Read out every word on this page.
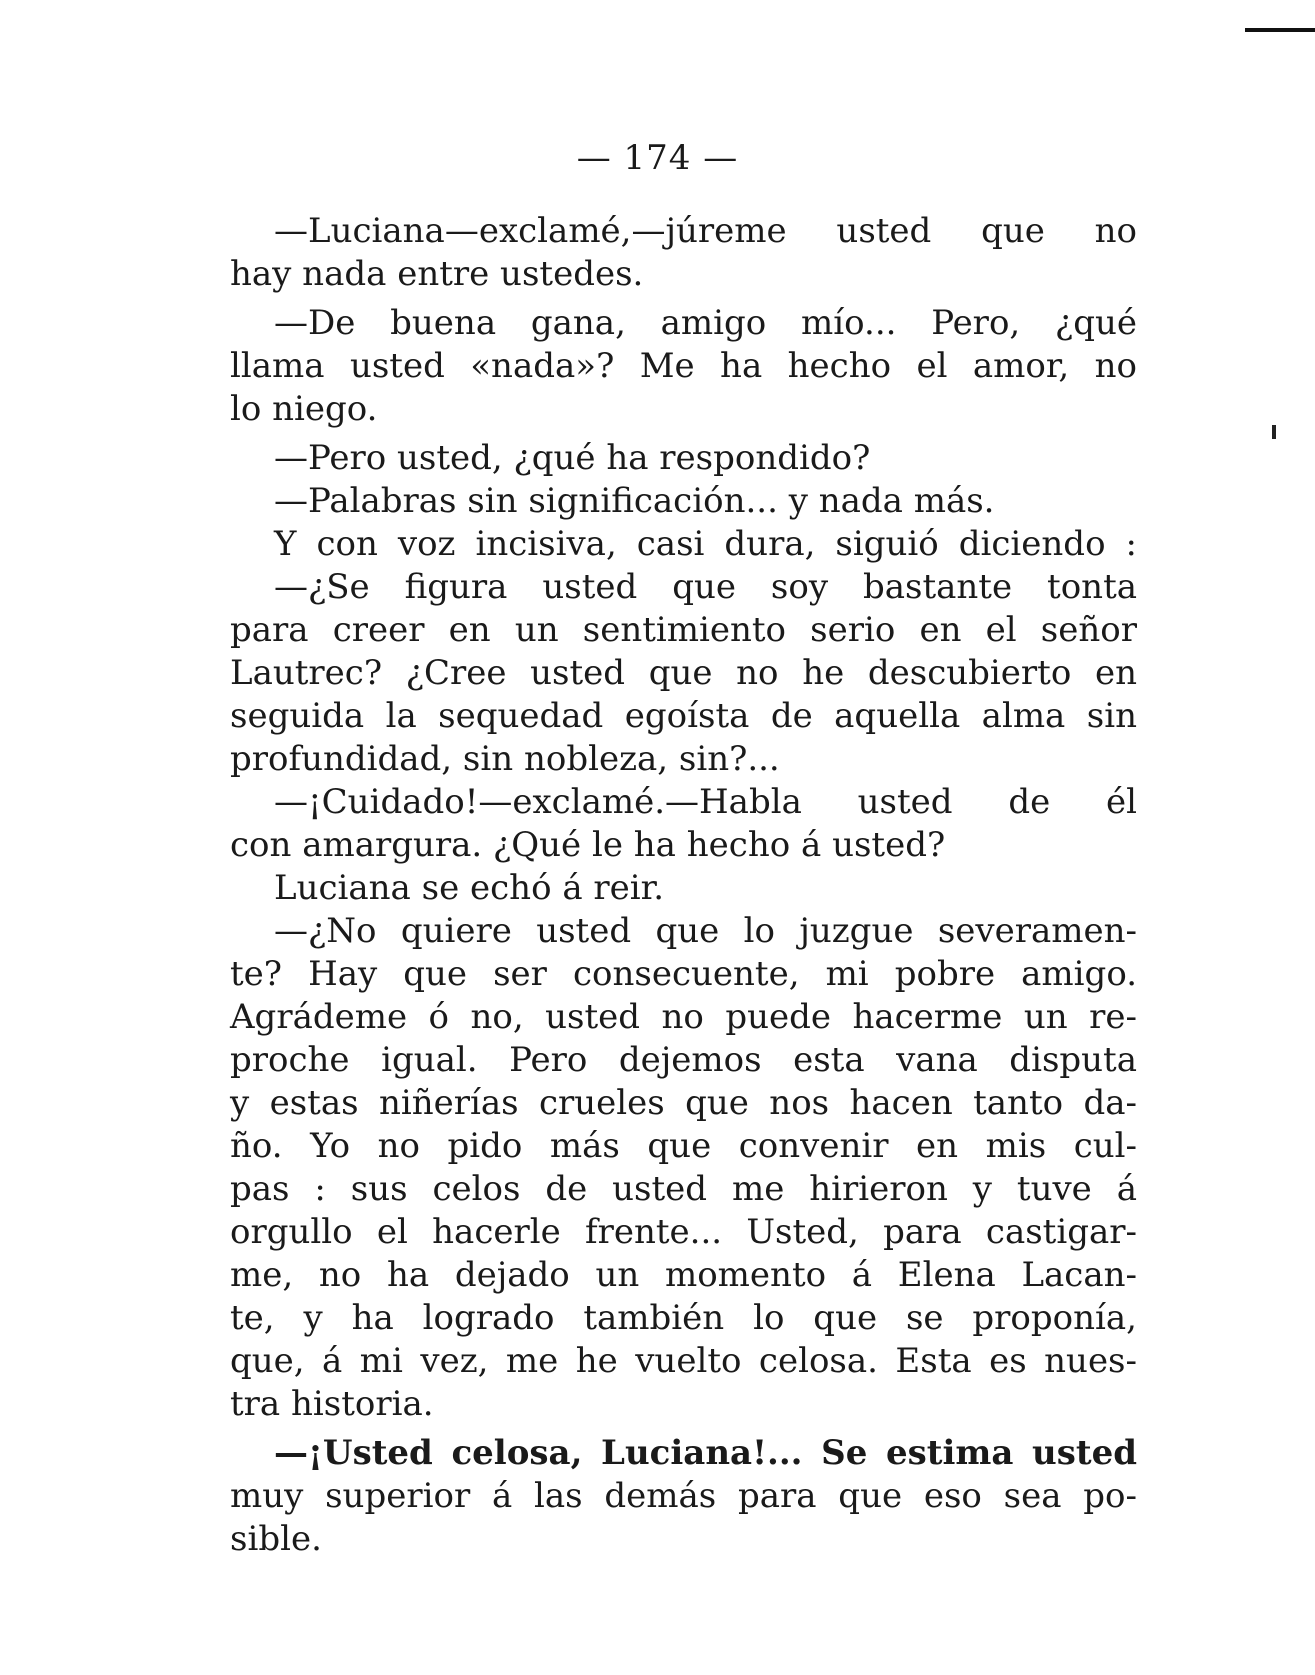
— 174 —
—Luciana—exclamé,—júreme usted que no
hay nada entre ustedes.
—De buena gana, amigo mío... Pero, ¿qué
llama usted «nada»? Me ha hecho el amor, no
lo niego.
—Pero usted, ¿qué ha respondido?
—Palabras sin significación... y nada más.
Y con voz incisiva, casi dura, siguió diciendo :
—¿Se figura usted que soy bastante tonta
para creer en un sentimiento serio en el señor
Lautrec? ¿Cree usted que no he descubierto en
seguida la sequedad egoísta de aquella alma sin
profundidad, sin nobleza, sin?...
—¡Cuidado!—exclamé.—Habla usted de él
con amargura. ¿Qué le ha hecho á usted?
Luciana se echó á reir.
—¿No quiere usted que lo juzgue severamen-
te? Hay que ser consecuente, mi pobre amigo.
Agrádeme ó no, usted no puede hacerme un re-
proche igual. Pero dejemos esta vana disputa
y estas niñerías crueles que nos hacen tanto da-
ño. Yo no pido más que convenir en mis cul-
pas : sus celos de usted me hirieron y tuve á
orgullo el hacerle frente... Usted, para castigar-
me, no ha dejado un momento á Elena Lacan-
te, y ha logrado también lo que se proponía,
que, á mi vez, me he vuelto celosa. Esta es nues-
tra historia.
—¡Usted celosa, Luciana!... Se estima usted
muy superior á las demás para que eso sea po-
sible.
